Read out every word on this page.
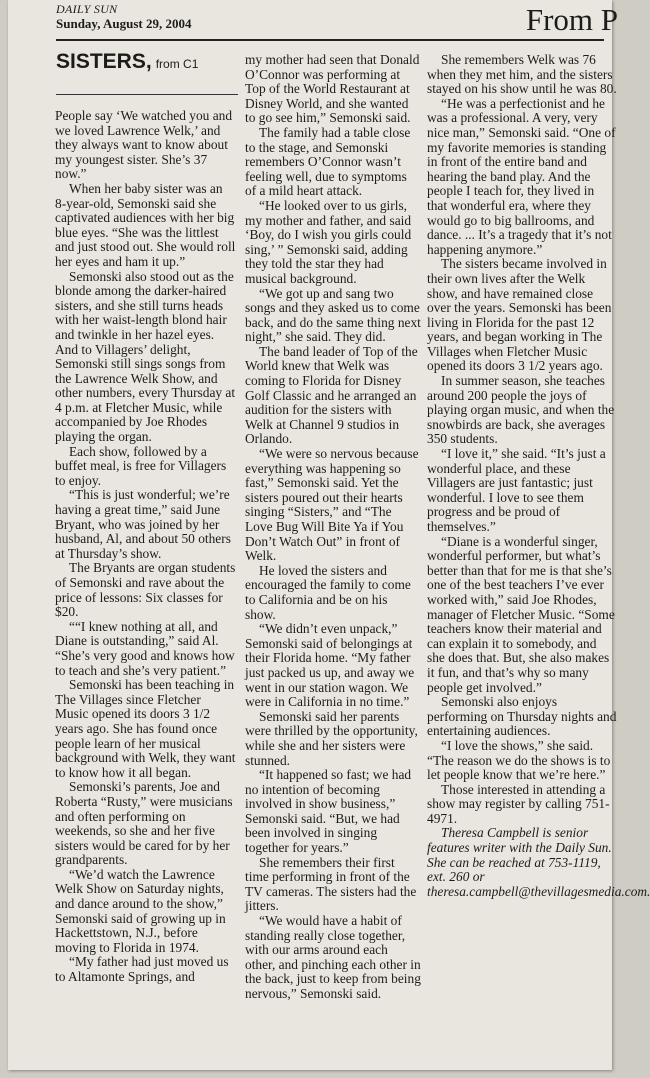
DAILY SUN
Sunday, August 29, 2004	From P
SISTERS, from C1

People say ‘We watched you and we loved Lawrence Welk,’ and they always want to know about my youngest sister. She’s 37 now.”

When her baby sister was an 8-year-old, Semonski said she captivated audiences with her big blue eyes. “She was the littlest and just stood out. She would roll her eyes and ham it up.”

Semonski also stood out as the blonde among the darker-haired sisters, and she still turns heads with her waist-length blond hair and twinkle in her hazel eyes. And to Villagers’ delight, Semonski still sings songs from the Lawrence Welk Show, and other numbers, every Thursday at 4 p.m. at Fletcher Music, while accompanied by Joe Rhodes playing the organ.

Each show, followed by a buffet meal, is free for Villagers to enjoy.

“This is just wonderful; we’re having a great time,” said June Bryant, who was joined by her husband, Al, and about 50 others at Thursday’s show.

The Bryants are organ students of Semonski and rave about the price of lessons: Six classes for $20.

““I knew nothing at all, and Diane is outstanding,” said Al. “She’s very good and knows how to teach and she’s very patient.”

Semonski has been teaching in The Villages since Fletcher Music opened its doors 3 1/2 years ago. She has found once people learn of her musical background with Welk, they want to know how it all began.

Semonski’s parents, Joe and Roberta “Rusty,” were musicians and often performing on weekends, so she and her five sisters would be cared for by her grandparents.

“We’d watch the Lawrence Welk Show on Saturday nights, and dance around to the show,” Semonski said of growing up in Hackettstown, N.J., before moving to Florida in 1974.

“My father had just moved us to Altamonte Springs, and

my mother had seen that Donald O’Connor was performing at Top of the World Restaurant at Disney World, and she wanted to go see him,” Semonski said.

The family had a table close to the stage, and Semonski remembers O’Connor wasn’t feeling well, due to symptoms of a mild heart attack.

“He looked over to us girls, my mother and father, and said ‘Boy, do I wish you girls could sing,’ ” Semonski said, adding they told the star they had musical background.

“We got up and sang two songs and they asked us to come back, and do the same thing next night,” she said. They did.

The band leader of Top of the World knew that Welk was coming to Florida for Disney Golf Classic and he arranged an audition for the sisters with Welk at Channel 9 studios in Orlando.

“We were so nervous because everything was happening so fast,” Semonski said. Yet the sisters poured out their hearts singing “Sisters,” and “The Love Bug Will Bite Ya if You Don’t Watch Out” in front of Welk.

He loved the sisters and encouraged the family to come to California and be on his show.

“We didn’t even unpack,” Semonski said of belongings at their Florida home. “My father just packed us up, and away we went in our station wagon. We were in California in no time.”

Semonski said her parents were thrilled by the opportunity, while she and her sisters were stunned.

“It happened so fast; we had no intention of becoming involved in show business,” Semonski said. “But, we had been involved in singing together for years.”

She remembers their first time performing in front of the TV cameras. The sisters had the jitters.

“We would have a habit of standing really close together, with our arms around each other, and pinching each other in the back, just to keep from being nervous,” Semonski said.

She remembers Welk was 76 when they met him, and the sisters stayed on his show until he was 80.

“He was a perfectionist and he was a professional. A very, very nice man,” Semonski said. “One of my favorite memories is standing in front of the entire band and hearing the band play. And the people I teach for, they lived in that wonderful era, where they would go to big ballrooms, and dance. ... It’s a tragedy that it’s not happening anymore.”

The sisters became involved in their own lives after the Welk show, and have remained close over the years. Semonski has been living in Florida for the past 12 years, and began working in The Villages when Fletcher Music opened its doors 3 1/2 years ago.

In summer season, she teaches around 200 people the joys of playing organ music, and when the snowbirds are back, she averages 350 students.

“I love it,” she said. “It’s just a wonderful place, and these Villagers are just fantastic; just wonderful. I love to see them progress and be proud of themselves.”

“Diane is a wonderful singer, wonderful performer, but what’s better than that for me is that she’s one of the best teachers I’ve ever worked with,” said Joe Rhodes, manager of Fletcher Music. “Some teachers know their material and can explain it to somebody, and she does that. But, she also makes it fun, and that’s why so many people get involved.”

Semonski also enjoys performing on Thursday nights and entertaining audiences.

“I love the shows,” she said. “The reason we do the shows is to let people know that we’re here.”

Those interested in attending a show may register by calling 751-4971.

Theresa Campbell is senior features writer with the Daily Sun. She can be reached at 753-1119, ext. 260 or theresa.campbell@thevillagesmedia.com.
